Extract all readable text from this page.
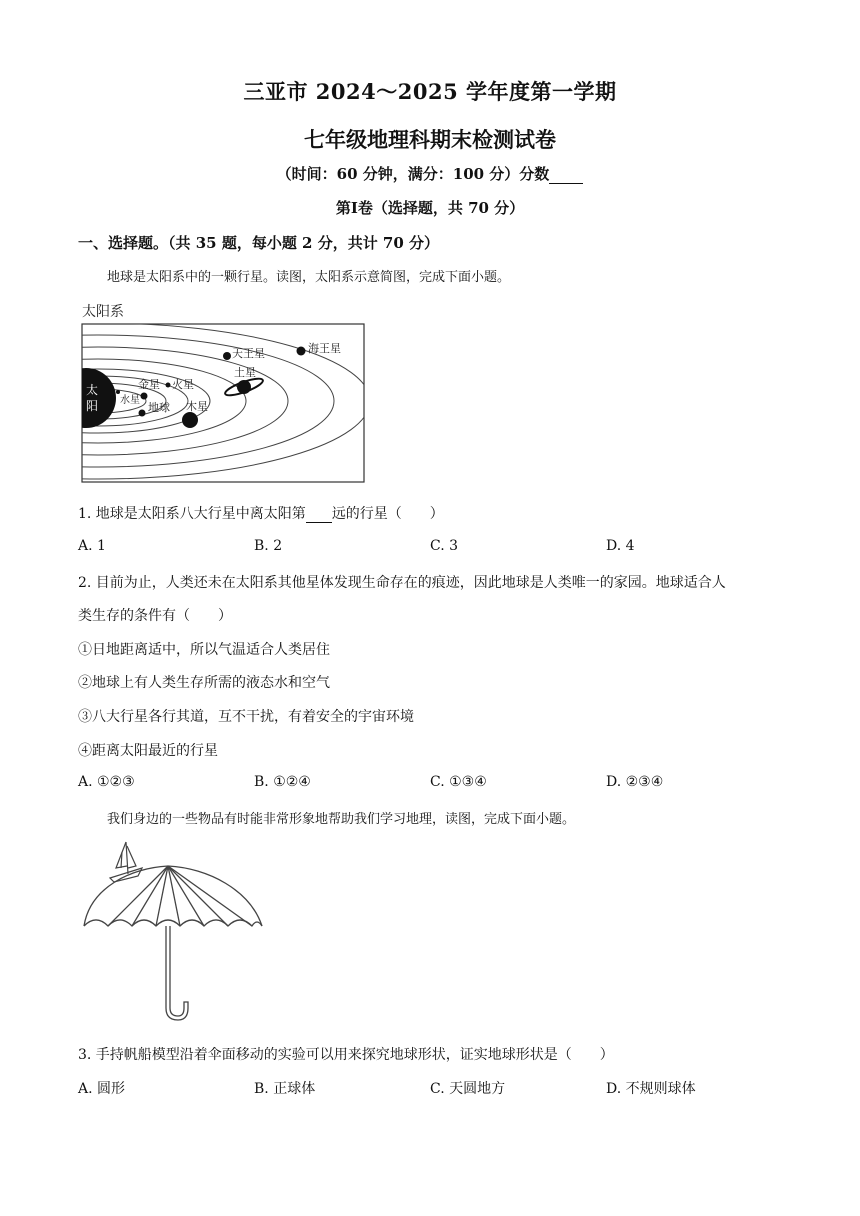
三亚市 2024～2025 学年度第一学期
七年级地理科期末检测试卷
（时间：60 分钟，满分：100 分）分数
第Ⅰ卷（选择题，共 70 分）
一、选择题。（共 35 题，每小题 2 分，共计 70 分）
地球是太阳系中的一颗行星。读图，太阳系示意简图，完成下面小题。
太阳系
太
阳 水星
金星
地球
火星
木星
土星
天王星	海王星
1. 地球是太阳系八大行星中离太阳第 远的行星（　　）
A. 1	B. 2	C. 3	D. 4
2. 目前为止，人类还未在太阳系其他星体发现生命存在的痕迹，因此地球是人类唯一的家园。地球适合人
类生存的条件有（　　）
①日地距离适中，所以气温适合人类居住
②地球上有人类生存所需的液态水和空气
③八大行星各行其道，互不干扰，有着安全的宇宙环境
④距离太阳最近的行星
A. ①②③	B. ①②④	C. ①③④	D. ②③④
我们身边的一些物品有时能非常形象地帮助我们学习地理，读图，完成下面小题。
3. 手持帆船模型沿着伞面移动的实验可以用来探究地球形状，证实地球形状是（　　）
A. 圆形	B. 正球体	C. 天圆地方	D. 不规则球体
